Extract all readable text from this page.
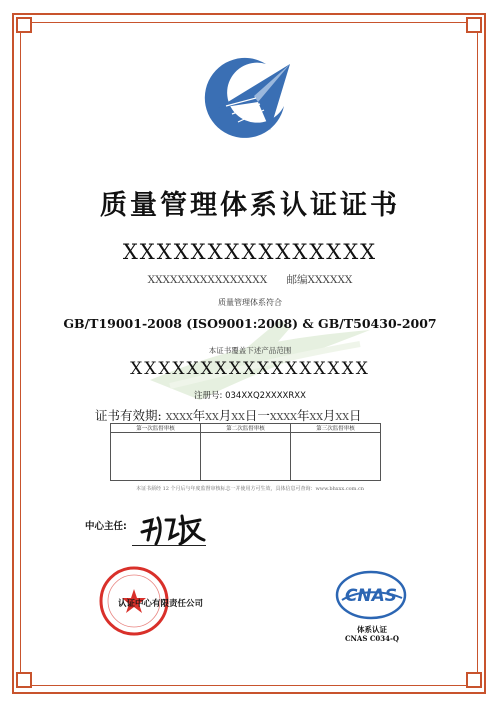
质量管理体系认证证书
XXXXXXXXXXXXXXX
XXXXXXXXXXXXXXXX 邮编XXXXXX
质量管理体系符合
GB/T19001-2008 (ISO9001:2008) & GB/T50430-2007
本证书覆盖下述产品范围
XXXXXXXXXXXXXXXXX
注册号: 034XXQ2XXXXRXX
证书有效期: XXXX年XX月XX日一XXXX年XX月XX日
第一次监督审核	第二次监督审核	第三次监督审核

本证书须经 12 个月后与年度监督审核标志一并使用方可生效，具体信息可查询：www.bhxxx.com.cn
中心主任:
认证中心有限责任公司	CNAS
体系认证
CNAS C034-Q
